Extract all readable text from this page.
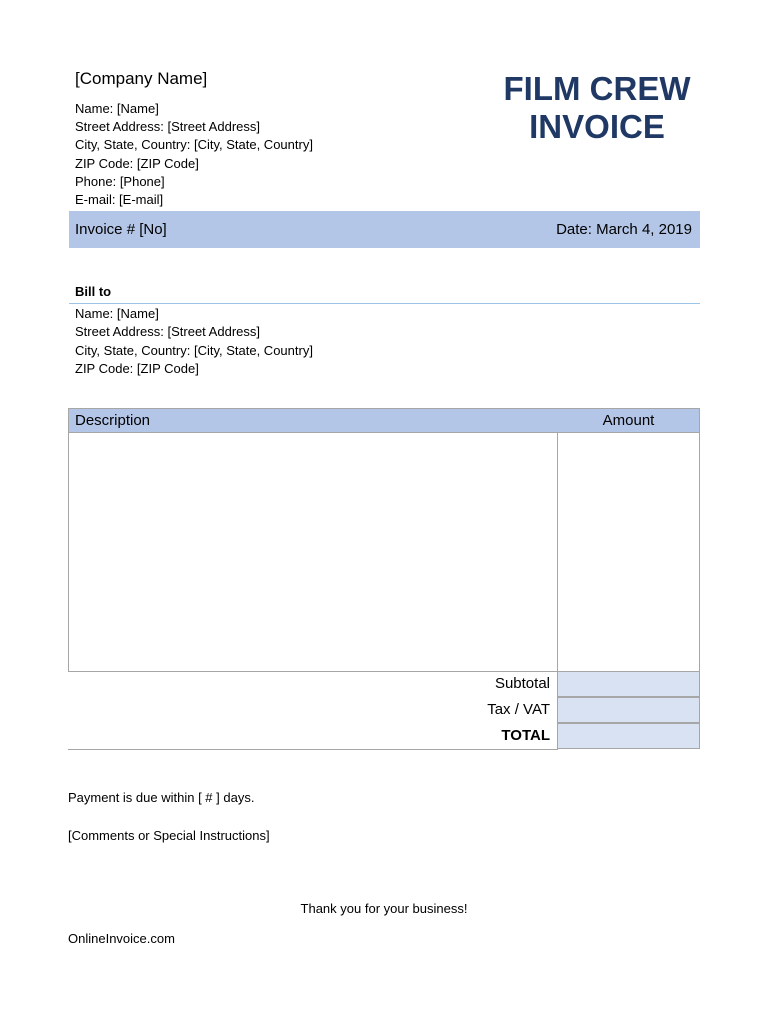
[Company Name]
Name: [Name]
Street Address: [Street Address]
City, State, Country: [City, State, Country]
ZIP Code: [ZIP Code]
Phone: [Phone]
E-mail: [E-mail]
FILM CREW
INVOICE
Invoice # [No]	Date: March 4, 2019
Bill to
Name: [Name]
Street Address: [Street Address]
City, State, Country: [City, State, Country]
ZIP Code: [ZIP Code]
Description	Amount
Subtotal
Tax / VAT
TOTAL
Payment is due within [ # ] days.
[Comments or Special Instructions]
Thank you for your business!
OnlineInvoice.com
